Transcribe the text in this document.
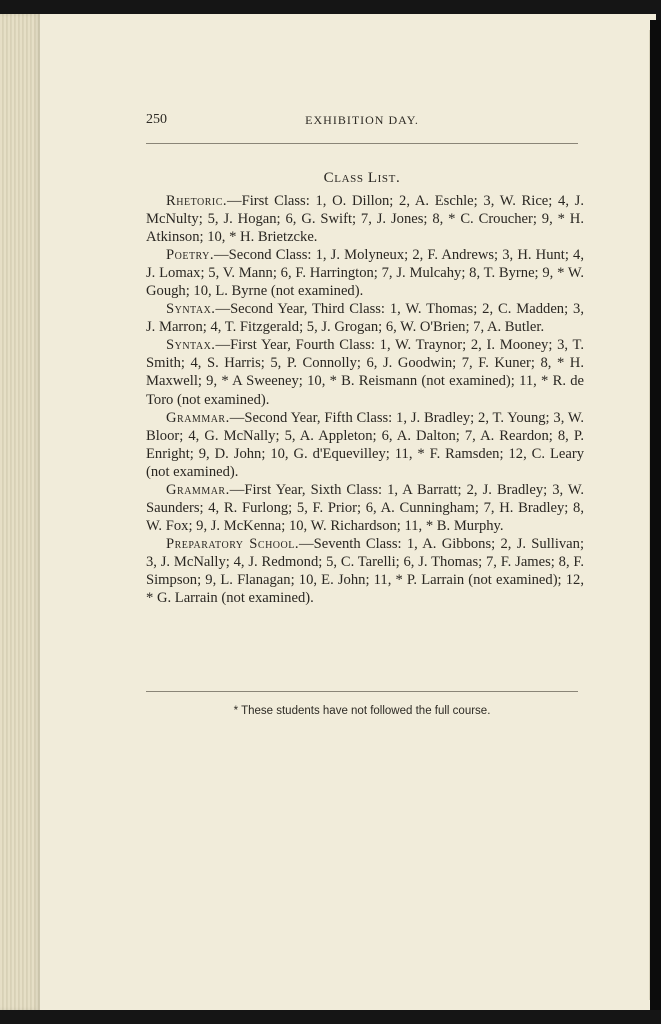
250	EXHIBITION DAY.
Class List.

Rhetoric.—First Class: 1, O. Dillon; 2, A. Eschle; 3, W. Rice; 4, J. McNulty; 5, J. Hogan; 6, G. Swift; 7, J. Jones; 8, * C. Croucher; 9, * H. Atkinson; 10, * H. Brietzcke.

Poetry.—Second Class: 1, J. Molyneux; 2, F. Andrews; 3, H. Hunt; 4, J. Lomax; 5, V. Mann; 6, F. Harrington; 7, J. Mulcahy; 8, T. Byrne; 9, * W. Gough; 10, L. Byrne (not examined).

Syntax.—Second Year, Third Class: 1, W. Thomas; 2, C. Madden; 3, J. Marron; 4, T. Fitzgerald; 5, J. Grogan; 6, W. O'Brien; 7, A. Butler.

Syntax.—First Year, Fourth Class: 1, W. Traynor; 2, I. Mooney; 3, T. Smith; 4, S. Harris; 5, P. Connolly; 6, J. Goodwin; 7, F. Kuner; 8, * H. Maxwell; 9, * A Sweeney; 10, * B. Reismann (not examined); 11, * R. de Toro (not examined).

Grammar.—Second Year, Fifth Class: 1, J. Bradley; 2, T. Young; 3, W. Bloor; 4, G. McNally; 5, A. Appleton; 6, A. Dalton; 7, A. Reardon; 8, P. Enright; 9, D. John; 10, G. d'Equevilley; 11, * F. Ramsden; 12, C. Leary (not examined).

Grammar.—First Year, Sixth Class: 1, A Barratt; 2, J. Bradley; 3, W. Saunders; 4, R. Furlong; 5, F. Prior; 6, A. Cunningham; 7, H. Bradley; 8, W. Fox; 9, J. McKenna; 10, W. Richardson; 11, * B. Murphy.

Preparatory School.—Seventh Class: 1, A. Gibbons; 2, J. Sullivan; 3, J. McNally; 4, J. Redmond; 5, C. Tarelli; 6, J. Thomas; 7, F. James; 8, F. Simpson; 9, L. Flanagan; 10, E. John; 11, * P. Larrain (not examined); 12, * G. Larrain (not examined).

* These students have not followed the full course.
